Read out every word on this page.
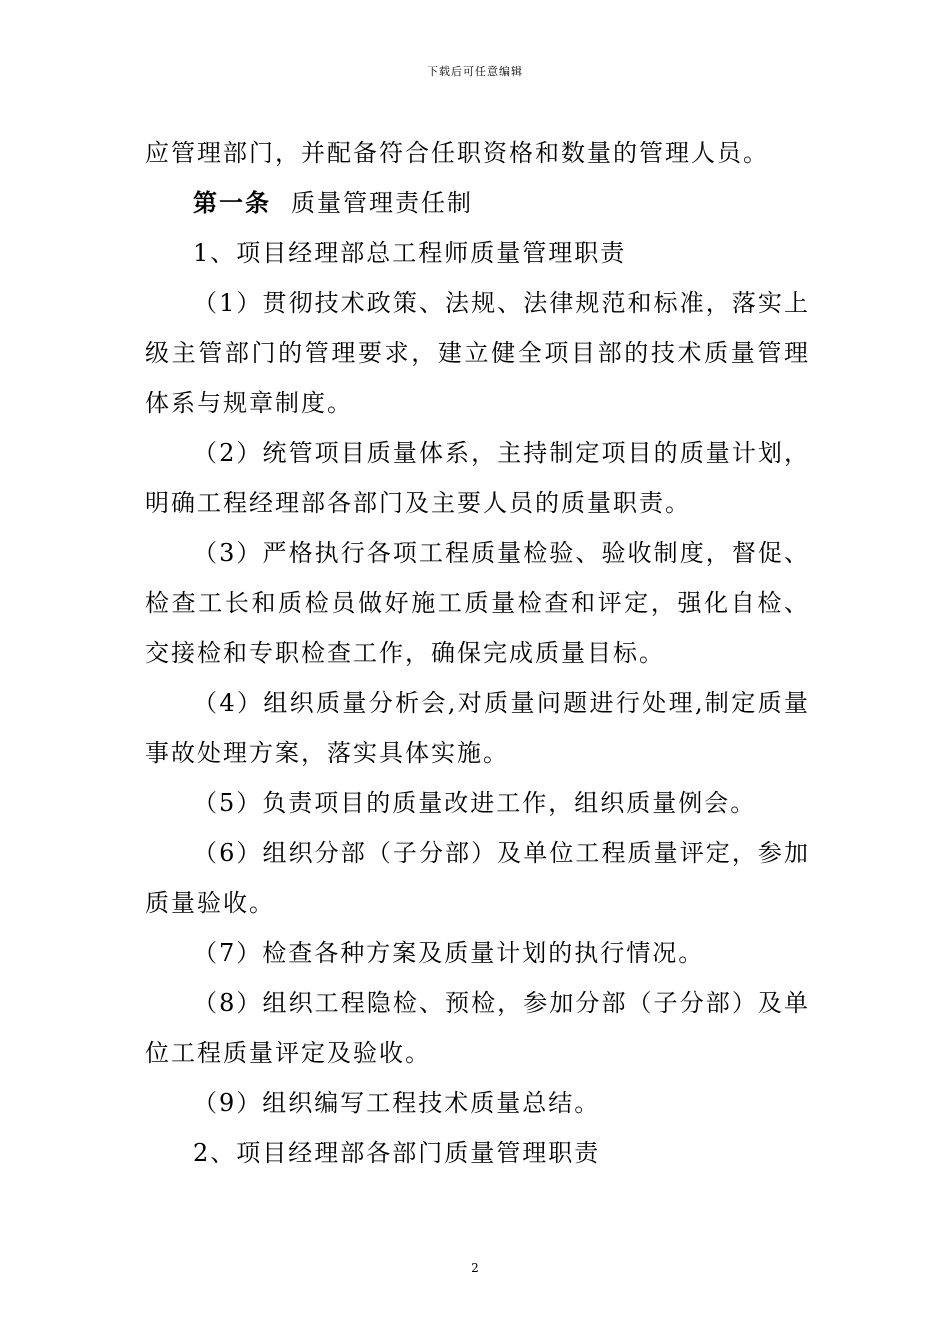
下载后可任意编辑
应管理部门，并配备符合任职资格和数量的管理人员。
第一条 质量管理责任制
1、项目经理部总工程师质量管理职责
（1）贯彻技术政策、法规、法律规范和标准，落实上
级主管部门的管理要求，建立健全项目部的技术质量管理
体系与规章制度。
（2）统管项目质量体系，主持制定项目的质量计划，
明确工程经理部各部门及主要人员的质量职责。
（3）严格执行各项工程质量检验、验收制度，督促、
检查工长和质检员做好施工质量检查和评定，强化自检、
交接检和专职检查工作，确保完成质量目标。
（4）组织质量分析会,对质量问题进行处理,制定质量
事故处理方案，落实具体实施。
（5）负责项目的质量改进工作，组织质量例会。
（6）组织分部（子分部）及单位工程质量评定，参加
质量验收。
（7）检查各种方案及质量计划的执行情况。
（8）组织工程隐检、预检，参加分部（子分部）及单
位工程质量评定及验收。
（9）组织编写工程技术质量总结。
2、项目经理部各部门质量管理职责
2
